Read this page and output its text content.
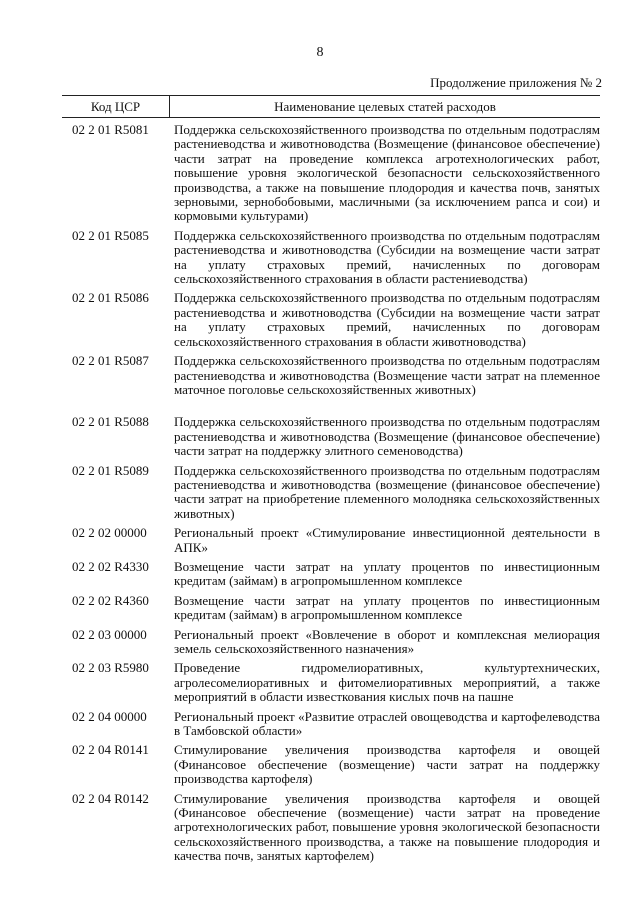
8
Продолжение приложения № 2
Код ЦСР	Наименование целевых статей расходов
02 2 01 R5081	Поддержка сельскохозяйственного производства по отдельным подотраслям растениеводства и животноводства (Возмещение (финансовое обеспечение) части затрат на проведение комплекса агротехнологических работ, повышение уровня экологической безопасности сельскохозяйственного производства, а также на повышение плодородия и качества почв, занятых зерновыми, зернобобовыми, масличными (за исключением рапса и сои) и кормовыми культурами)
02 2 01 R5085	Поддержка сельскохозяйственного производства по отдельным подотраслям растениеводства и животноводства (Субсидии на возмещение части затрат на уплату страховых премий, начисленных по договорам сельскохозяйственного страхования в области растениеводства)
02 2 01 R5086	Поддержка сельскохозяйственного производства по отдельным подотраслям растениеводства и животноводства (Субсидии на возмещение части затрат на уплату страховых премий, начисленных по договорам сельскохозяйственного страхования в области животноводства)
02 2 01 R5087	Поддержка сельскохозяйственного производства по отдельным подотраслям растениеводства и животноводства (Возмещение части затрат на племенное маточное поголовье сельскохозяйственных животных)
02 2 01 R5088	Поддержка сельскохозяйственного производства по отдельным подотраслям растениеводства и животноводства (Возмещение (финансовое обеспечение) части затрат на поддержку элитного семеноводства)
02 2 01 R5089	Поддержка сельскохозяйственного производства по отдельным подотраслям растениеводства и животноводства (возмещение (финансовое обеспечение) части затрат на приобретение племенного молодняка сельскохозяйственных животных)
02 2 02 00000	Региональный проект «Стимулирование инвестиционной деятельности в АПК»
02 2 02 R4330	Возмещение части затрат на уплату процентов по инвестиционным кредитам (займам) в агропромышленном комплексе
02 2 02 R4360	Возмещение части затрат на уплату процентов по инвестиционным кредитам (займам) в агропромышленном комплексе
02 2 03 00000	Региональный проект «Вовлечение в оборот и комплексная мелиорация земель сельскохозяйственного назначения»
02 2 03 R5980	Проведение гидромелиоративных, культуртехнических, агролесомелиоративных и фитомелиоративных мероприятий, а также мероприятий в области известкования кислых почв на пашне
02 2 04 00000	Региональный проект «Развитие отраслей овощеводства и картофелеводства в Тамбовской области»
02 2 04 R0141	Стимулирование увеличения производства картофеля и овощей (Финансовое обеспечение (возмещение) части затрат на поддержку производства картофеля)
02 2 04 R0142	Стимулирование увеличения производства картофеля и овощей (Финансовое обеспечение (возмещение) части затрат на проведение агротехнологических работ, повышение уровня экологической безопасности сельскохозяйственного производства, а также на повышение плодородия и качества почв, занятых картофелем)
